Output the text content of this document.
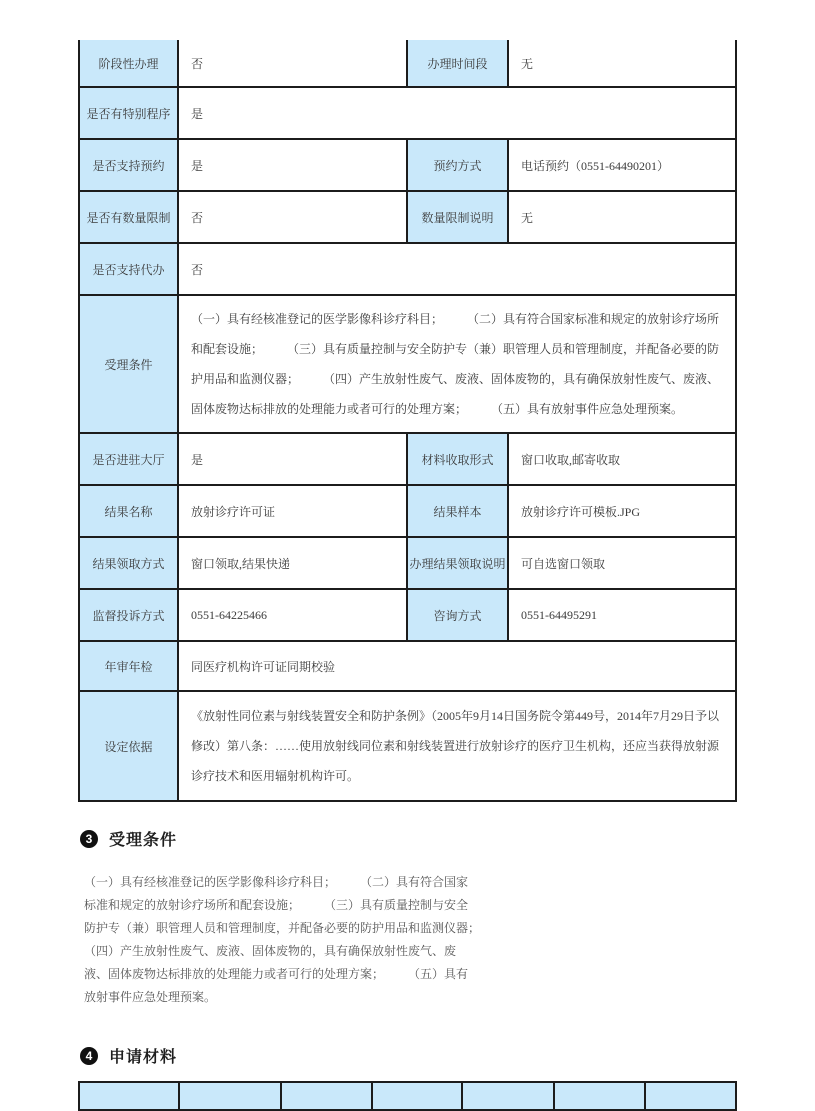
阶段性办理	否	办理时间段	无
是否有特别程序	是		
是否支持预约	是	预约方式	电话预约（0551-64490201）
是否有数量限制	否	数量限制说明	无
是否支持代办	否		
受理条件	（一）具有经核准登记的医学影像科诊疗科目；　　　（二）具有符合国家标准和规定的放射诊疗场所和配套设施；　　　（三）具有质量控制与安全防护专（兼）职管理人员和管理制度，并配备必要的防护用品和监测仪器；　　　（四）产生放射性废气、废液、固体废物的，具有确保放射性废气、废液、固体废物达标排放的处理能力或者可行的处理方案；　　　（五）具有放射事件应急处理预案。		
是否进驻大厅	是	材料收取形式	窗口收取,邮寄收取
结果名称	放射诊疗许可证	结果样本	放射诊疗许可模板.JPG
结果领取方式	窗口领取,结果快递	办理结果领取说明	可自选窗口领取
监督投诉方式	0551-64225466	咨询方式	0551-64495291
年审年检	同医疗机构许可证同期校验		
设定依据	《放射性同位素与射线装置安全和防护条例》（2005年9月14日国务院令第449号，2014年7月29日予以修改）第八条：……使用放射线同位素和射线装置进行放射诊疗的医疗卫生机构，还应当获得放射源诊疗技术和医用辐射机构许可。		
3	受理条件
（一）具有经核准登记的医学影像科诊疗科目；　　　（二）具有符合国家标准和规定的放射诊疗场所和配套设施；　　　（三）具有质量控制与安全防护专（兼）职管理人员和管理制度，并配备必要的防护用品和监测仪器；　　　（四）产生放射性废气、废液、固体废物的，具有确保放射性废气、废液、固体废物达标排放的处理能力或者可行的处理方案；　　　（五）具有放射事件应急处理预案。
4	申请材料
